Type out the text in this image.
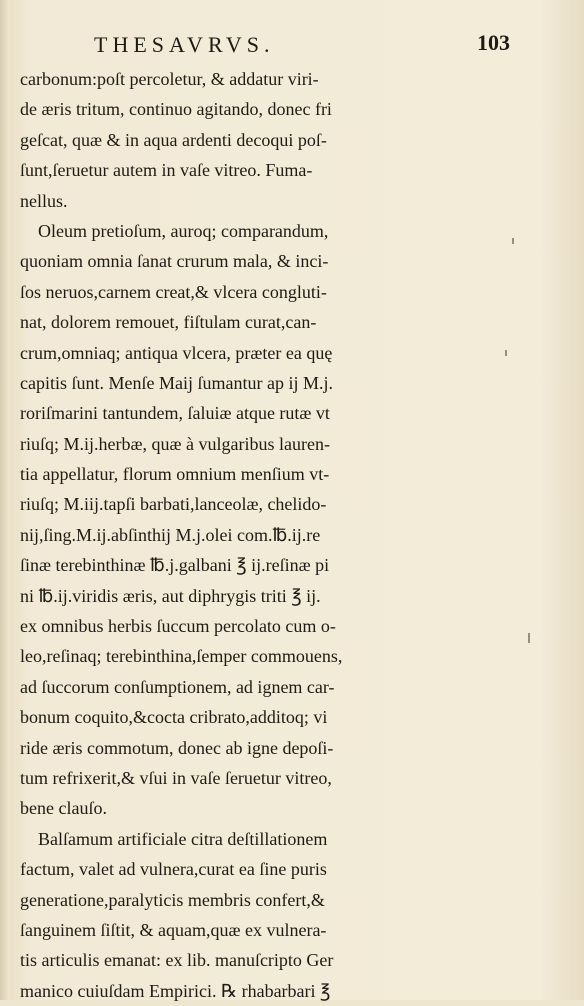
THESAVRVS.	103
carbonum:poſt percoletur, & addatur viri-
de æris tritum, continuo agitando, donec fri
geſcat, quæ & in aqua ardenti decoqui poſ-
ſunt,ſeruetur autem in vaſe vitreo. Fuma-
nellus.
Oleum pretioſum, auroq; comparandum,
quoniam omnia ſanat crurum mala, & inci-
ſos neruos,carnem creat,& vlcera congluti-
nat, dolorem remouet, fiſtulam curat,can-
crum,omniaq; antiqua vlcera, præter ea quę
capitis ſunt. Menſe Maij ſumantur ap ij M.j.
roriſmarini tantundem, ſaluiæ atque rutæ vt
riuſq; M.ij.herbæ, quæ à vulgaribus lauren-
tia appellatur, florum omnium menſium vt-
riuſq; M.iij.tapſi barbati,lanceolæ, chelido-
nij,ſing.M.ij.abſinthij M.j.olei com.℔.ij.re
ſinæ terebinthinæ ℔.j.galbani ℥ ij.reſinæ pi
ni ℔.ij.viridis æris, aut diphrygis triti ℥ ij.
ex omnibus herbis ſuccum percolato cum o-
leo,reſinaq; terebinthina,ſemper commouens,
ad ſuccorum conſumptionem, ad ignem car-
bonum coquito,&cocta cribrato,additoq; vi
ride æris commotum, donec ab igne depoſi-
tum refrixerit,& vſui in vaſe ſeruetur vitreo,
bene clauſo.
Balſamum artificiale citra deſtillationem
factum, valet ad vulnera,curat ea ſine puris
generatione,paralyticis membris confert,&
ſanguinem ſiſtit, & aquam,quæ ex vulnera-
tis articulis emanat: ex lib. manuſcripto Ger
manico cuiuſdam Empirici. ℞ rhabarbari ℥
